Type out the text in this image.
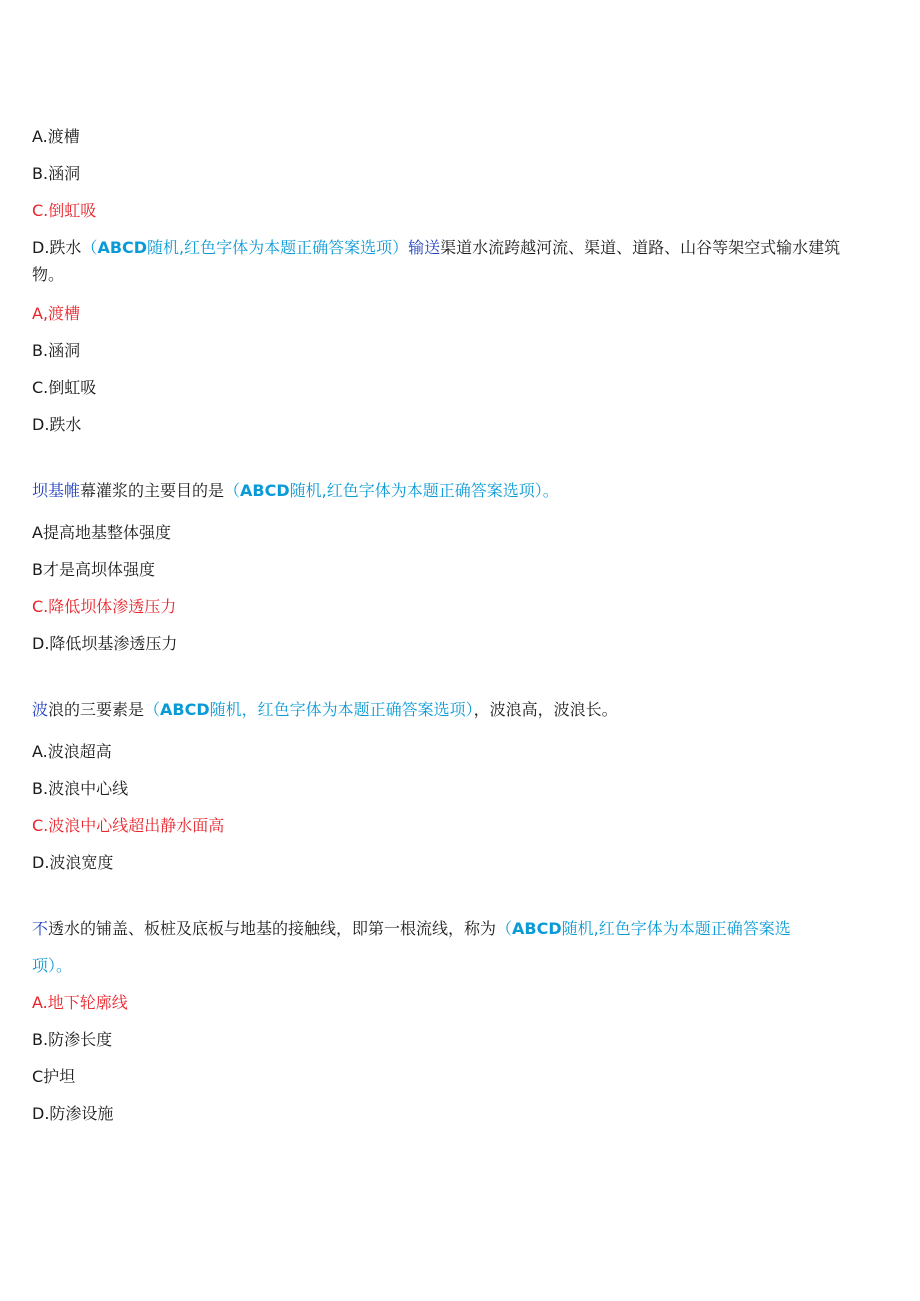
A.渡槽
B.涵洞
C.倒虹吸
D.跌水（ABCD随机,红色字体为本题正确答案选项）输送渠道水流跨越河流、渠道、道路、山谷等架空式输水建筑
物。
A,渡槽
B.涵洞
C.倒虹吸
D.跌水
坝基帷幕灌浆的主要目的是（ABCD随机,红色字体为本题正确答案选项）。
A提高地基整体强度
B才是高坝体强度
C.降低坝体渗透压力
D.降低坝基渗透压力
波浪的三要素是（ABCD随机，红色字体为本题正确答案选项），波浪高，波浪长。
A.波浪超高
B.波浪中心线
C.波浪中心线超出静水面高
D.波浪宽度
不透水的铺盖、板桩及底板与地基的接触线，即第一根流线，称为（ABCD随机,红色字体为本题正确答案选
项）。
A.地下轮廓线
B.防渗长度
C护坦
D.防渗设施
